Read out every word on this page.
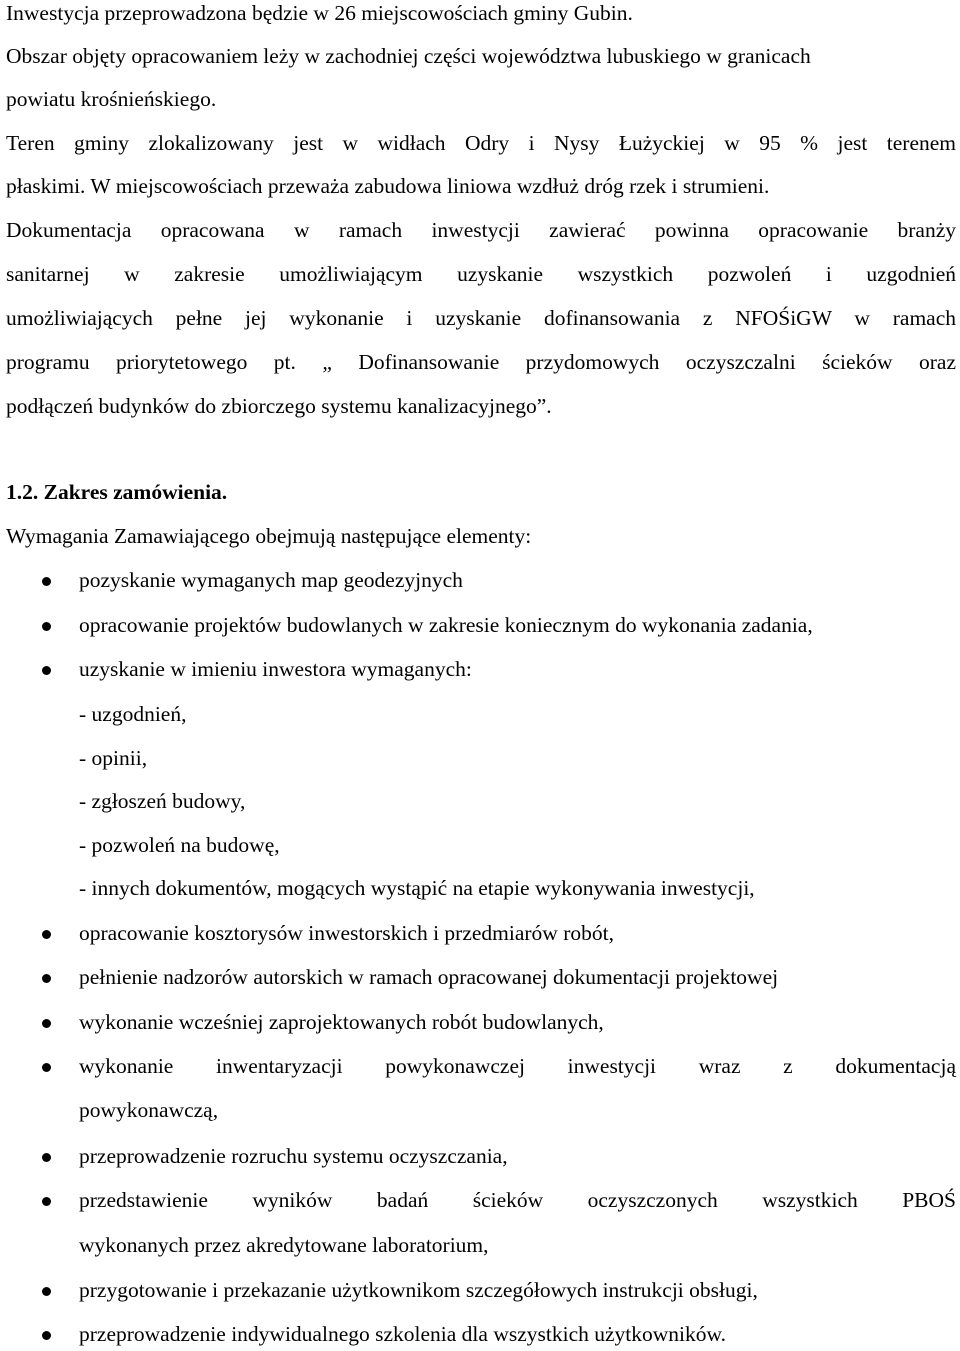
Inwestycja przeprowadzona będzie w 26 miejscowościach gminy Gubin.
Obszar objęty opracowaniem leży w zachodniej części województwa lubuskiego w granicach
powiatu krośnieńskiego.
Teren gminy zlokalizowany jest w widłach Odry i Nysy Łużyckiej w 95 % jest terenem
płaskimi. W miejscowościach przeważa zabudowa liniowa wzdłuż dróg rzek i strumieni.
Dokumentacja opracowana w ramach inwestycji zawierać powinna opracowanie branży
sanitarnej w zakresie umożliwiającym uzyskanie wszystkich pozwoleń i uzgodnień
umożliwiających pełne jej wykonanie i uzyskanie dofinansowania z NFOŚiGW w ramach
programu priorytetowego pt. „ Dofinansowanie przydomowych oczyszczalni ścieków oraz
podłączeń budynków do zbiorczego systemu kanalizacyjnego”.
1.2. Zakres zamówienia.
Wymagania Zamawiającego obejmują następujące elementy:
pozyskanie wymaganych map geodezyjnych
opracowanie projektów budowlanych w zakresie koniecznym do wykonania zadania,
uzyskanie w imieniu inwestora wymaganych:
- uzgodnień,
- opinii,
- zgłoszeń budowy,
- pozwoleń na budowę,
- innych dokumentów, mogących wystąpić na etapie wykonywania inwestycji,
opracowanie kosztorysów inwestorskich i przedmiarów robót,
pełnienie nadzorów autorskich w ramach opracowanej dokumentacji projektowej
wykonanie wcześniej zaprojektowanych robót budowlanych,
wykonanie inwentaryzacji powykonawczej inwestycji wraz z dokumentacją
powykonawczą,
przeprowadzenie rozruchu systemu oczyszczania,
przedstawienie wyników badań ścieków oczyszczonych wszystkich PBOŚ
wykonanych przez akredytowane laboratorium,
przygotowanie i przekazanie użytkownikom szczegółowych instrukcji obsługi,
przeprowadzenie indywidualnego szkolenia dla wszystkich użytkowników.
